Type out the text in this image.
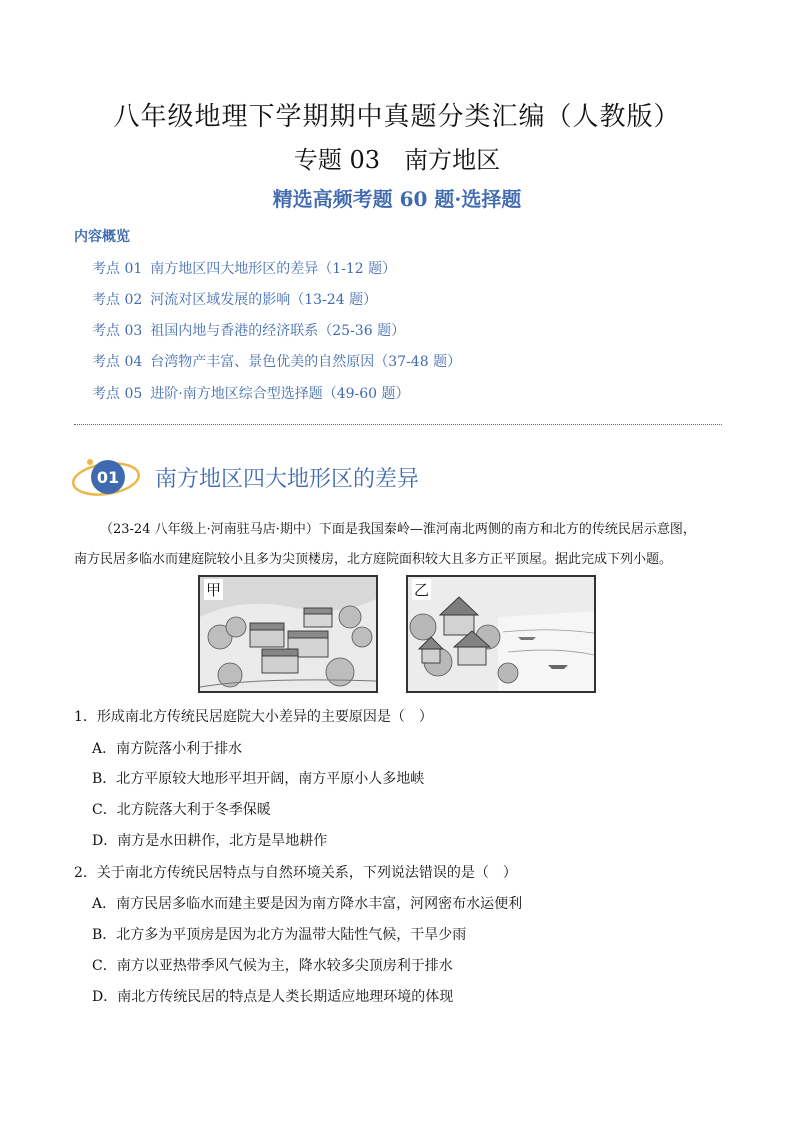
八年级地理下学期期中真题分类汇编（人教版）
专题 03　南方地区
精选高频考题 60 题·选择题
内容概览
考点 01 南方地区四大地形区的差异（1-12 题）
考点 02 河流对区域发展的影响（13-24 题）
考点 03 祖国内地与香港的经济联系（25-36 题）
考点 04 台湾物产丰富、景色优美的自然原因（37-48 题）
考点 05 进阶·南方地区综合型选择题（49-60 题）
01 南方地区四大地形区的差异
（23-24 八年级上·河南驻马店·期中）下面是我国秦岭—淮河南北两侧的南方和北方的传统民居示意图，
南方民居多临水而建庭院较小且多为尖顶楼房，北方庭院面积较大且多方正平顶屋。据此完成下列小题。
甲	乙
1．形成南北方传统民居庭院大小差异的主要原因是（　）
A．南方院落小利于排水
B．北方平原较大地形平坦开阔，南方平原小人多地峡
C．北方院落大利于冬季保暖
D．南方是水田耕作，北方是旱地耕作
2．关于南北方传统民居特点与自然环境关系，下列说法错误的是（　）
A．南方民居多临水而建主要是因为南方降水丰富，河网密布水运便利
B．北方多为平顶房是因为北方为温带大陆性气候，干旱少雨
C．南方以亚热带季风气候为主，降水较多尖顶房利于排水
D．南北方传统民居的特点是人类长期适应地理环境的体现
